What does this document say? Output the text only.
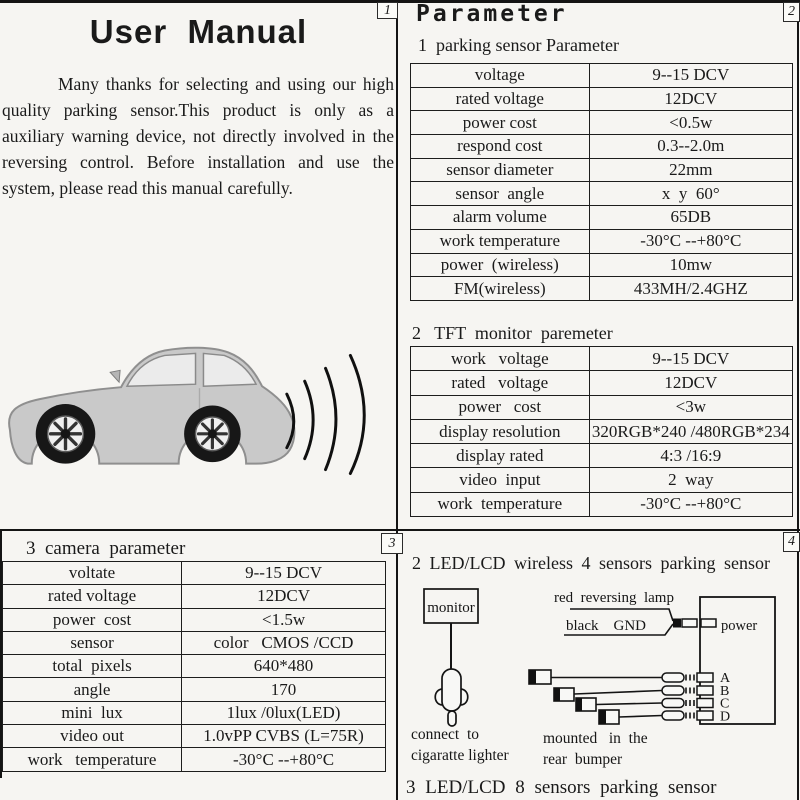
1	2
3	4
User  Manual
Many thanks for selecting and using our high quality parking sensor.This product is only as a auxiliary warning device, not directly involved in the reversing control. Before installation and use the system, please read this manual carefully.
Parameter
1  parking sensor Parameter
voltage	9--15 DCV
rated voltage	12DCV
power cost	<0.5w
respond cost	0.3--2.0m
sensor diameter	22mm
sensor  angle	x  y  60°
alarm volume	65DB
work temperature	-30°C --+80°C
power  (wireless)	10mw
FM(wireless)	433MH/2.4GHZ
2   TFT  monitor  paremeter
work   voltage	9--15 DCV
rated   voltage	12DCV
power   cost	<3w
display resolution	320RGB*240 /480RGB*234
display rated	4:3 /16:9
video  input	2  way
work  temperature	-30°C --+80°C
3  camera  parameter
voltate	9--15 DCV
rated voltage	12DCV
power  cost	<1.5w
sensor	color   CMOS /CCD
total  pixels	640*480
angle	170
mini  lux	1lux /0lux(LED)
video out	1.0vPP CVBS (L=75R)
work   temperature	-30°C --+80°C
monitor
connect  to
cigaratte lighter
red  reversing  lamp
black    GND	power
A
B
C
D
mounted   in  the
rear  bumper
2 LED/LCD wireless 4 sensors parking sensor
3 LED/LCD 8 sensors parking sensor
